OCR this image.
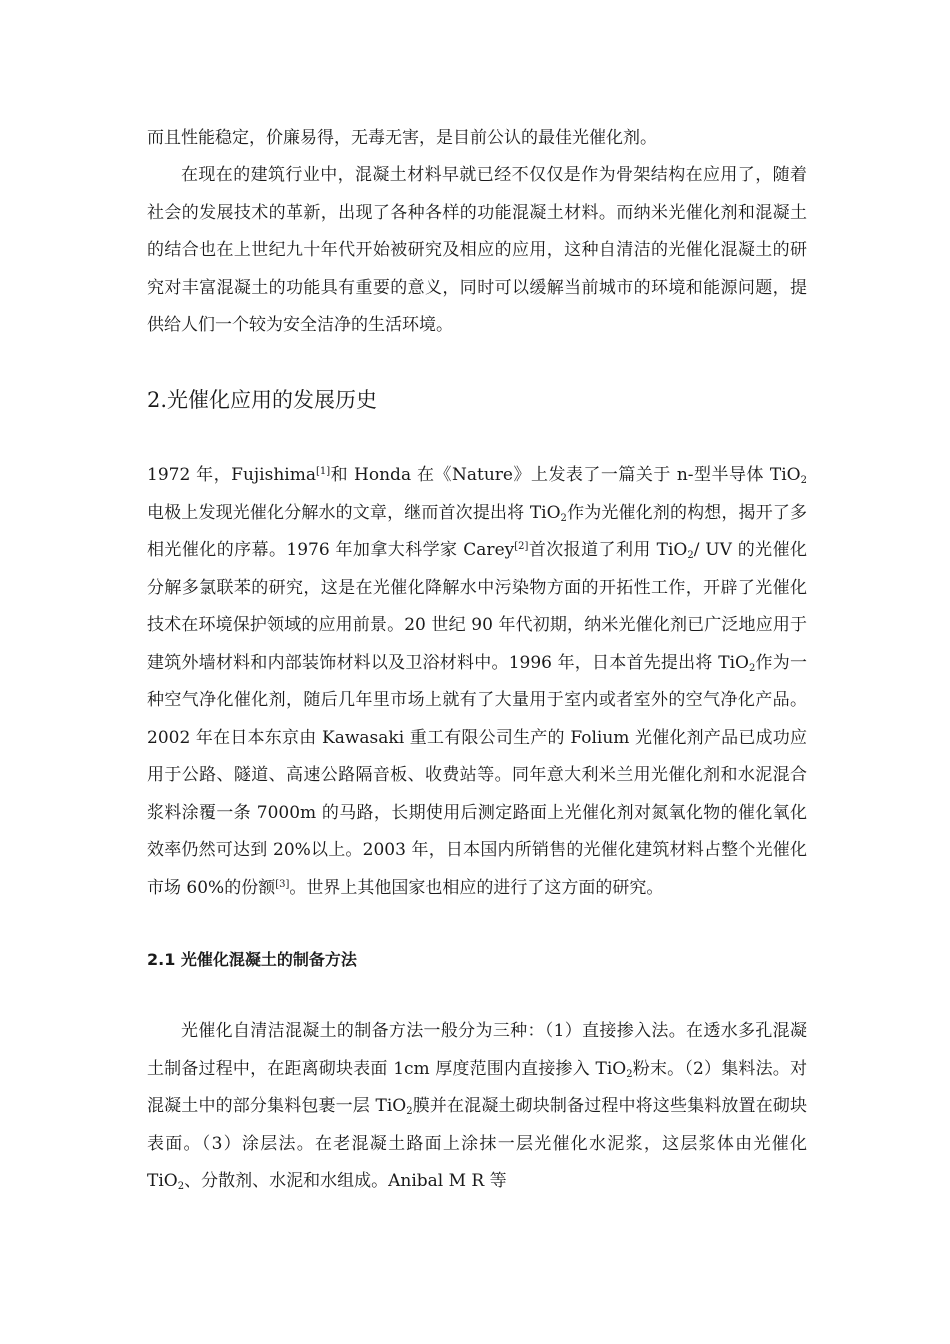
而且性能稳定，价廉易得，无毒无害，是目前公认的最佳光催化剂。

在现在的建筑行业中，混凝土材料早就已经不仅仅是作为骨架结构在应用了，随着社会的发展技术的革新，出现了各种各样的功能混凝土材料。而纳米光催化剂和混凝土的结合也在上世纪九十年代开始被研究及相应的应用，这种自清洁的光催化混凝土的研究对丰富混凝土的功能具有重要的意义，同时可以缓解当前城市的环境和能源问题，提供给人们一个较为安全洁净的生活环境。

2.光催化应用的发展历史

1972 年，Fujishima[1]和 Honda 在《Nature》上发表了一篇关于 n-型半导体 TiO$_2$电极上发现光催化分解水的文章，继而首次提出将 TiO$_2$作为光催化剂的构想，揭开了多相光催化的序幕。1976 年加拿大科学家 Carey[2]首次报道了利用 TiO$_2$/ UV 的光催化分解多氯联苯的研究，这是在光催化降解水中污染物方面的开拓性工作，开辟了光催化技术在环境保护领域的应用前景。20 世纪 90 年代初期，纳米光催化剂已广泛地应用于建筑外墙材料和内部装饰材料以及卫浴材料中。1996 年，日本首先提出将 TiO$_2$作为一种空气净化催化剂，随后几年里市场上就有了大量用于室内或者室外的空气净化产品。2002 年在日本东京由 Kawasaki 重工有限公司生产的 Folium 光催化剂产品已成功应用于公路、隧道、高速公路隔音板、收费站等。同年意大利米兰用光催化剂和水泥混合浆料涂覆一条 7000m 的马路，长期使用后测定路面上光催化剂对氮氧化物的催化氧化效率仍然可达到 20%以上。2003 年，日本国内所销售的光催化建筑材料占整个光催化市场 60%的份额[3]。世界上其他国家也相应的进行了这方面的研究。

2.1 光催化混凝土的制备方法

光催化自清洁混凝土的制备方法一般分为三种：（1）直接掺入法。在透水多孔混凝土制备过程中，在距离砌块表面 1cm 厚度范围内直接掺入 TiO$_2$粉末。（2）集料法。对混凝土中的部分集料包裹一层 TiO$_2$膜并在混凝土砌块制备过程中将这些集料放置在砌块表面。（3）涂层法。在老混凝土路面上涂抹一层光催化水泥浆，这层浆体由光催化 TiO$_2$、分散剂、水泥和水组成。Anibal M R 等
